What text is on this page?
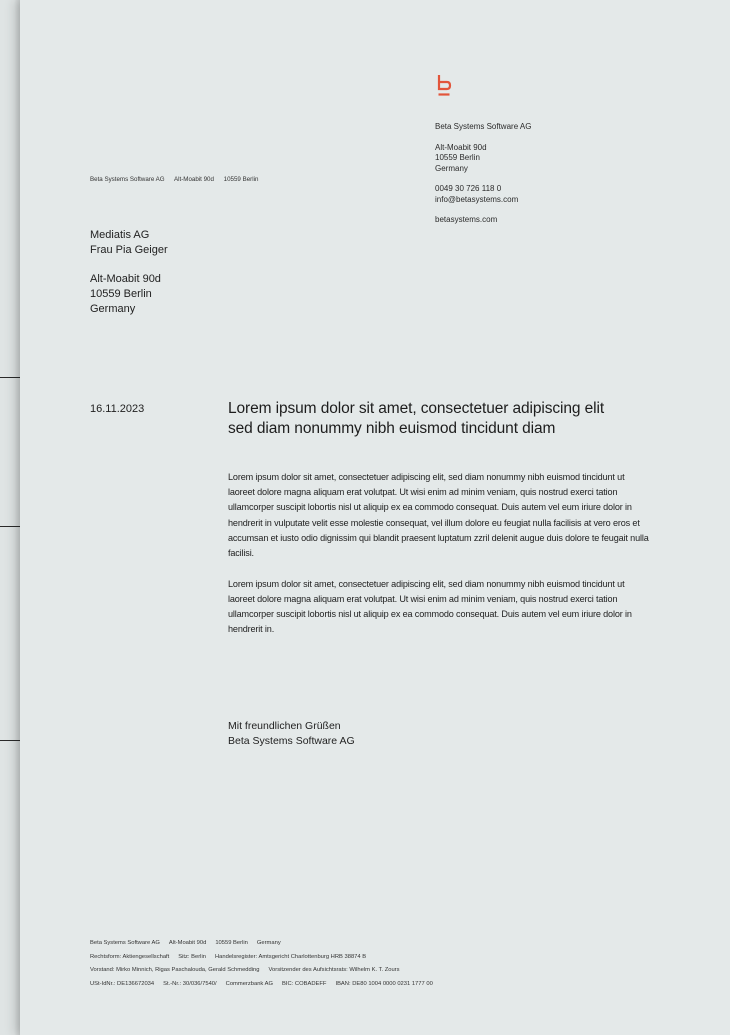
Beta Systems Software AG
Alt-Moabit 90d
10559 Berlin
Germany
0049 30 726 118 0
info@betasystems.com
betasystems.com
Beta Systems Software AG Alt-Moabit 90d 10559 Berlin
Mediatis AG
Frau Pia Geiger
Alt-Moabit 90d
10559 Berlin
Germany
16.11.2023	Lorem ipsum dolor sit amet, consectetuer adipiscing elit
sed diam nonummy nibh euismod tincidunt diam

Lorem ipsum dolor sit amet, consectetuer adipiscing elit, sed diam nonummy nibh euismod tincidunt ut laoreet dolore magna aliquam erat volutpat. Ut wisi enim ad minim veniam, quis nostrud exerci tation ullamcorper suscipit lobortis nisl ut aliquip ex ea commodo consequat. Duis autem vel eum iriure dolor in hendrerit in vulputate velit esse molestie consequat, vel illum dolore eu feugiat nulla facilisis at vero eros et accumsan et iusto odio dignissim qui blandit praesent luptatum zzril delenit augue duis dolore te feugait nulla facilisi.

Lorem ipsum dolor sit amet, consectetuer adipiscing elit, sed diam nonummy nibh euismod tincidunt ut laoreet dolore magna aliquam erat volutpat. Ut wisi enim ad minim veniam, quis nostrud exerci tation ullamcorper suscipit lobortis nisl ut aliquip ex ea commodo consequat. Duis autem vel eum iriure dolor in hendrerit in.

Mit freundlichen Grüßen
Beta Systems Software AG
Beta Systems Software AG Alt-Moabit 90d 10559 Berlin Germany
Rechtsform: Aktiengesellschaft Sitz: Berlin Handelsregister: Amtsgericht Charlottenburg HRB 38874 B
Vorstand: Mirko Minnich, Rigas Paschalouda, Gerald Schmedding Vorsitzender des Aufsichtsrats: Wilhelm K. T. Zours
USt-IdNr.: DE136672034 St.-Nr.: 30/036/7540/ Commerzbank AG BIC: COBADEFF IBAN: DE80 1004 0000 0231 1777 00
